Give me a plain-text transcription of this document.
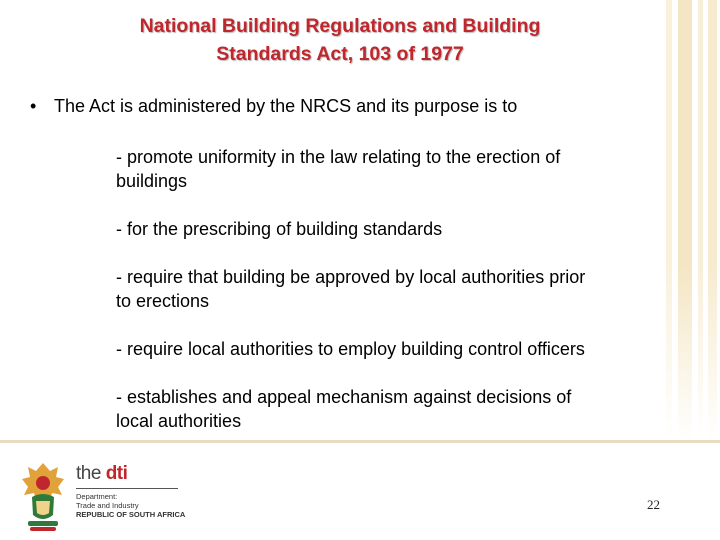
National Building Regulations and Building
Standards Act, 103 of 1977
• The Act is administered by the NRCS and its purpose is to
- promote uniformity in the law relating to the erection of
buildings
- for the prescribing of building standards
- require that building be approved by local authorities prior
to erections
- require local authorities to employ building control officers
- establishes and appeal mechanism against decisions of
local authorities
the dti
Department:
Trade and Industry
REPUBLIC OF SOUTH AFRICA
22
